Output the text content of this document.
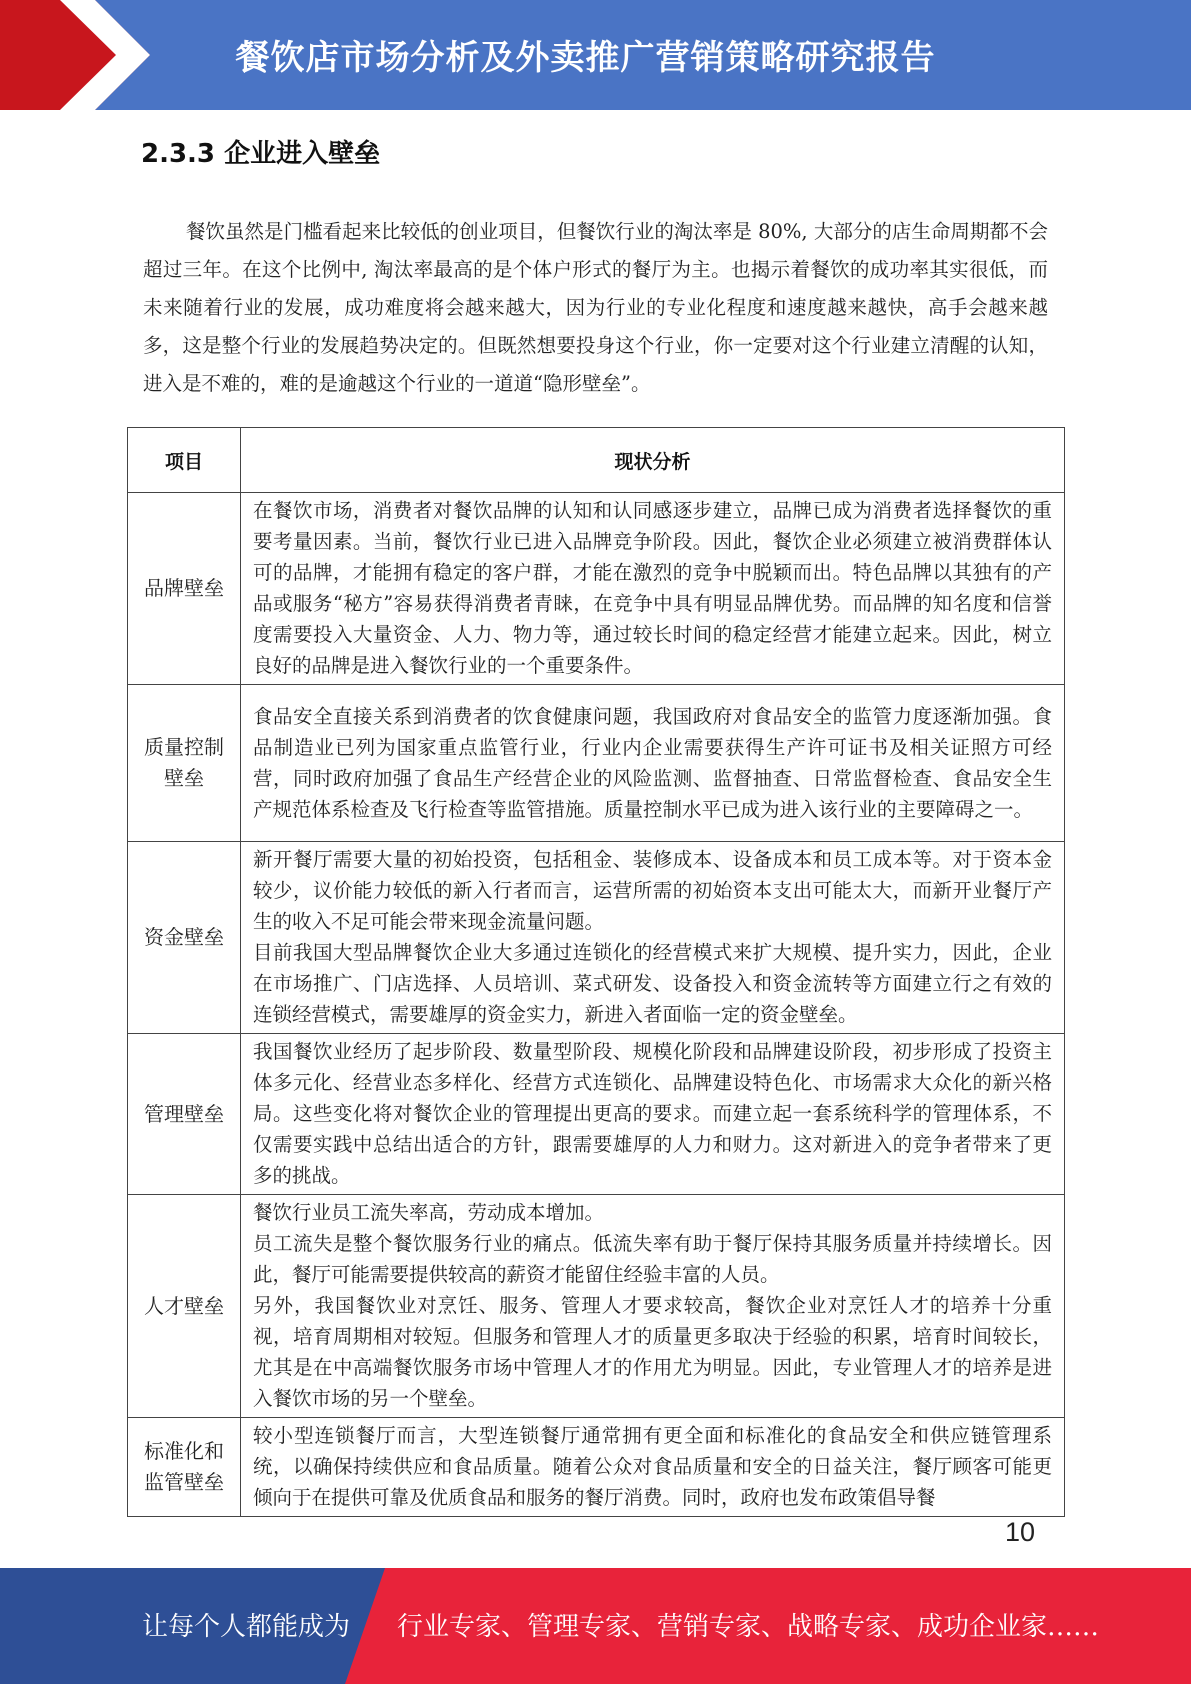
餐饮店市场分析及外卖推广营销策略研究报告
2.3.3 企业进入壁垒

餐饮虽然是门槛看起来比较低的创业项目，但餐饮行业的淘汰率是 80%, 大部分的店生命周期都不会超过三年。在这个比例中, 淘汰率最高的是个体户形式的餐厅为主。也揭示着餐饮的成功率其实很低，而未来随着行业的发展，成功难度将会越来越大，因为行业的专业化程度和速度越来越快，高手会越来越多，这是整个行业的发展趋势决定的。但既然想要投身这个行业，你一定要对这个行业建立清醒的认知，进入是不难的，难的是逾越这个行业的一道道“隐形壁垒”。

项目	现状分析
品牌壁垒	在餐饮市场，消费者对餐饮品牌的认知和认同感逐步建立，品牌已成为消费者选择餐饮的重要考量因素。当前，餐饮行业已进入品牌竞争阶段。因此，餐饮企业必须建立被消费群体认可的品牌，才能拥有稳定的客户群，才能在激烈的竞争中脱颖而出。特色品牌以其独有的产品或服务“秘方”容易获得消费者青睐，在竞争中具有明显品牌优势。而品牌的知名度和信誉度需要投入大量资金、人力、物力等，通过较长时间的稳定经营才能建立起来。因此，树立良好的品牌是进入餐饮行业的一个重要条件。

质量控制壁垒	食品安全直接关系到消费者的饮食健康问题，我国政府对食品安全的监管力度逐渐加强。食品制造业已列为国家重点监管行业，行业内企业需要获得生产许可证书及相关证照方可经营，同时政府加强了食品生产经营企业的风险监测、监督抽查、日常监督检查、食品安全生产规范体系检查及飞行检查等监管措施。质量控制水平已成为进入该行业的主要障碍之一。

资金壁垒	新开餐厅需要大量的初始投资，包括租金、装修成本、设备成本和员工成本等。对于资本金较少，议价能力较低的新入行者而言，运营所需的初始资本支出可能太大，而新开业餐厅产生的收入不足可能会带来现金流量问题。

目前我国大型品牌餐饮企业大多通过连锁化的经营模式来扩大规模、提升实力，因此，企业在市场推广、门店选择、人员培训、菜式研发、设备投入和资金流转等方面建立行之有效的连锁经营模式，需要雄厚的资金实力，新进入者面临一定的资金壁垒。

管理壁垒	我国餐饮业经历了起步阶段、数量型阶段、规模化阶段和品牌建设阶段，初步形成了投资主体多元化、经营业态多样化、经营方式连锁化、品牌建设特色化、市场需求大众化的新兴格局。这些变化将对餐饮企业的管理提出更高的要求。而建立起一套系统科学的管理体系，不仅需要实践中总结出适合的方针，跟需要雄厚的人力和财力。这对新进入的竞争者带来了更多的挑战。

人才壁垒	餐饮行业员工流失率高，劳动成本增加。

员工流失是整个餐饮服务行业的痛点。低流失率有助于餐厅保持其服务质量并持续增长。因此，餐厅可能需要提供较高的薪资才能留住经验丰富的人员。

另外，我国餐饮业对烹饪、服务、管理人才要求较高，餐饮企业对烹饪人才的培养十分重视，培育周期相对较短。但服务和管理人才的质量更多取决于经验的积累，培育时间较长，尤其是在中高端餐饮服务市场中管理人才的作用尤为明显。因此，专业管理人才的培养是进入餐饮市场的另一个壁垒。

标准化和监管壁垒	较小型连锁餐厅而言，大型连锁餐厅通常拥有更全面和标准化的食品安全和供应链管理系统，以确保持续供应和食品质量。随着公众对食品质量和安全的日益关注，餐厅顾客可能更倾向于在提供可靠及优质食品和服务的餐厅消费。同时，政府也发布政策倡导餐

10
让每个人都能成为 行业专家、管理专家、营销专家、战略专家、成功企业家……
